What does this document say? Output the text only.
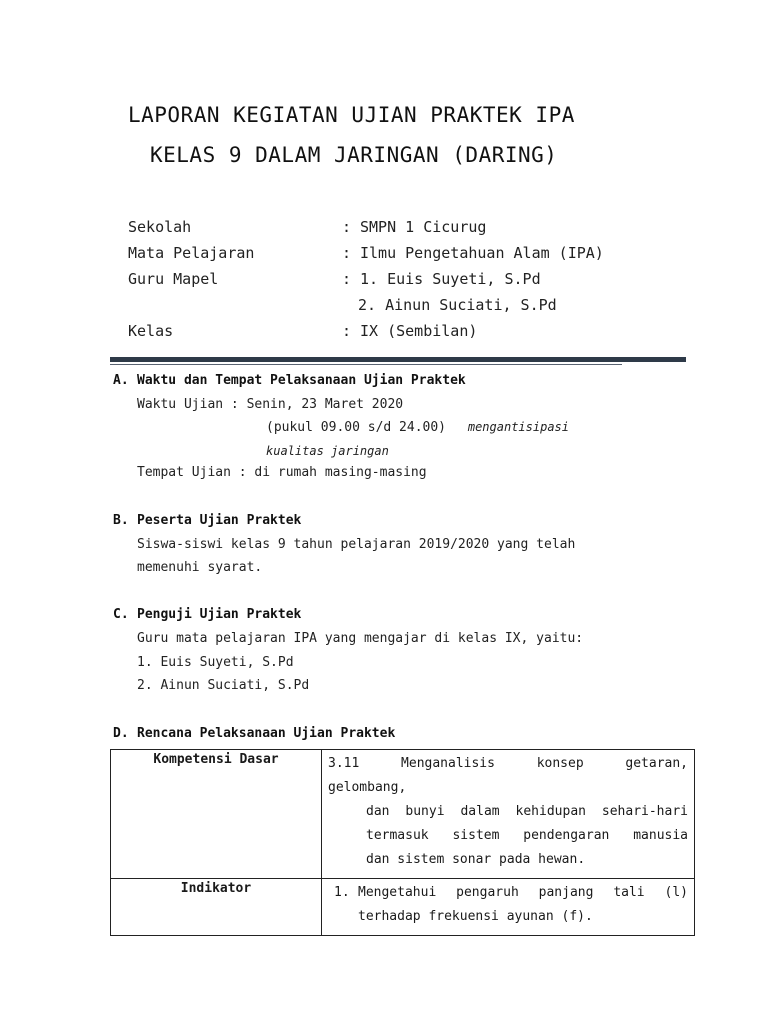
LAPORAN KEGIATAN UJIAN PRAKTEK IPA
KELAS 9 DALAM JARINGAN (DARING)
Sekolah	: SMPN 1 Cicurug
Mata Pelajaran	: Ilmu Pengetahuan Alam (IPA)
Guru Mapel	: 1. Euis Suyeti, S.Pd
2. Ainun Suciati, S.Pd
Kelas	: IX (Sembilan)
A. Waktu dan Tempat Pelaksanaan Ujian Praktek
Waktu Ujian : Senin, 23 Maret 2020
(pukul 09.00 s/d 24.00) mengantisipasi
kualitas jaringan
Tempat Ujian : di rumah masing-masing
B. Peserta Ujian Praktek
Siswa-siswi kelas 9 tahun pelajaran 2019/2020 yang telah
memenuhi syarat.
C. Penguji Ujian Praktek
Guru mata pelajaran IPA yang mengajar di kelas IX, yaitu:
1. Euis Suyeti, S.Pd
2. Ainun Suciati, S.Pd
D. Rencana Pelaksanaan Ujian Praktek
Kompetensi Dasar	3.11 Menganalisis konsep getaran,
gelombang,
dan bunyi dalam kehidupan sehari-hari
termasuk sistem pendengaran manusia
dan sistem sonar pada hewan.

Indikator	1. Mengetahui pengaruh panjang tali (l)
terhadap frekuensi ayunan (f).
